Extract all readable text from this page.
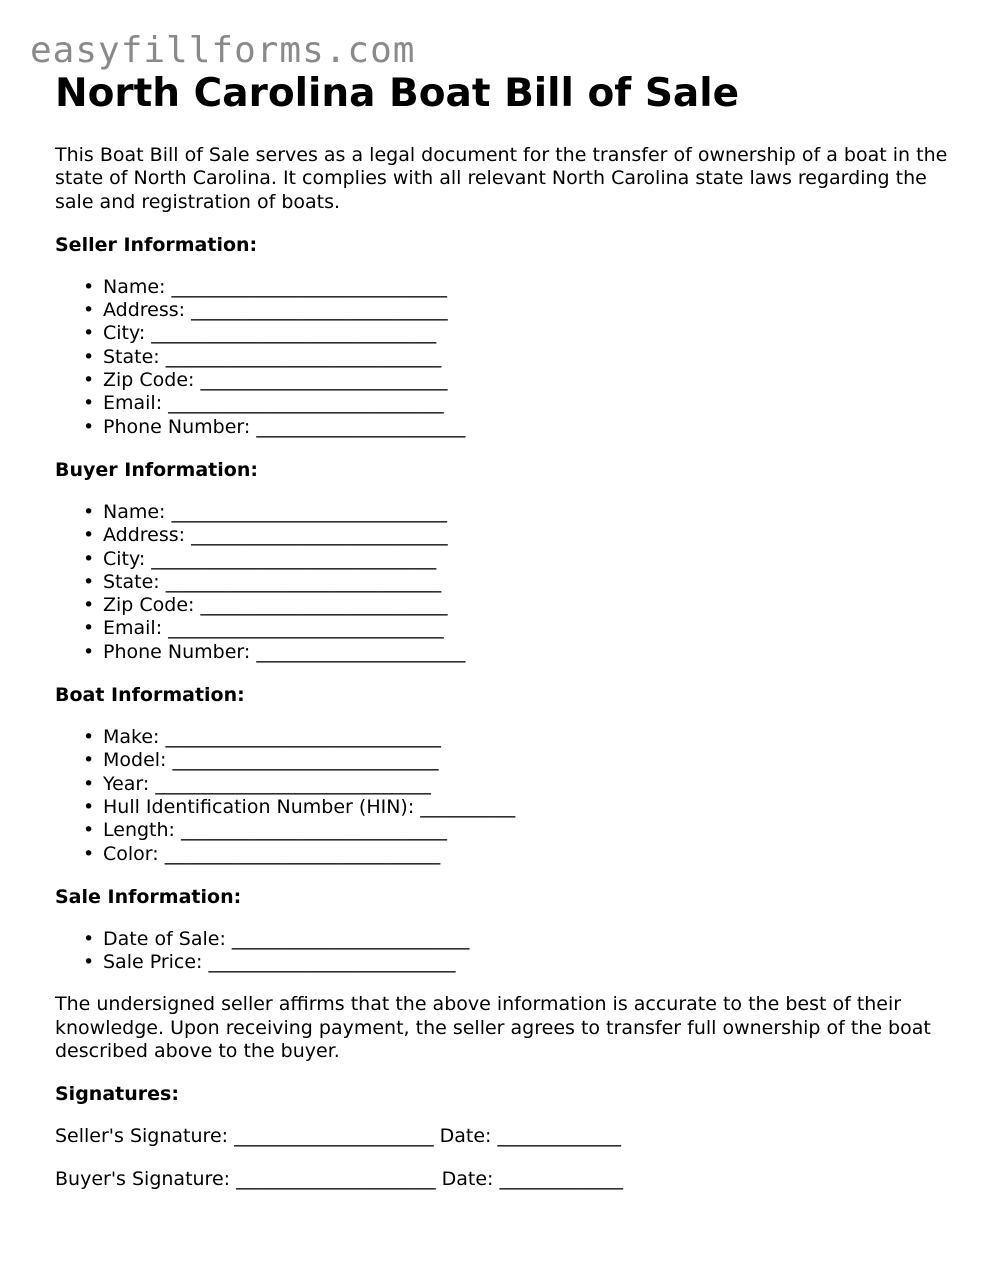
easyfillforms.com
North Carolina Boat Bill of Sale

This Boat Bill of Sale serves as a legal document for the transfer of ownership of a boat in the state of North Carolina. It complies with all relevant North Carolina state laws regarding the sale and registration of boats.

Seller Information:
• Name: _____________________________
• Address: ___________________________
• City: ______________________________
• State: _____________________________
• Zip Code: __________________________
• Email: _____________________________
• Phone Number: ______________________
Buyer Information:
• Name: _____________________________
• Address: ___________________________
• City: ______________________________
• State: _____________________________
• Zip Code: __________________________
• Email: _____________________________
• Phone Number: ______________________
Boat Information:
• Make: _____________________________
• Model: ____________________________
• Year: _____________________________
• Hull Identification Number (HIN): __________
• Length: ____________________________
• Color: _____________________________
Sale Information:
• Date of Sale: _________________________
• Sale Price: __________________________

The undersigned seller affirms that the above information is accurate to the best of their knowledge. Upon receiving payment, the seller agrees to transfer full ownership of the boat described above to the buyer.

Signatures:
Seller's Signature: _____________________ Date: _____________
Buyer's Signature: _____________________ Date: _____________
